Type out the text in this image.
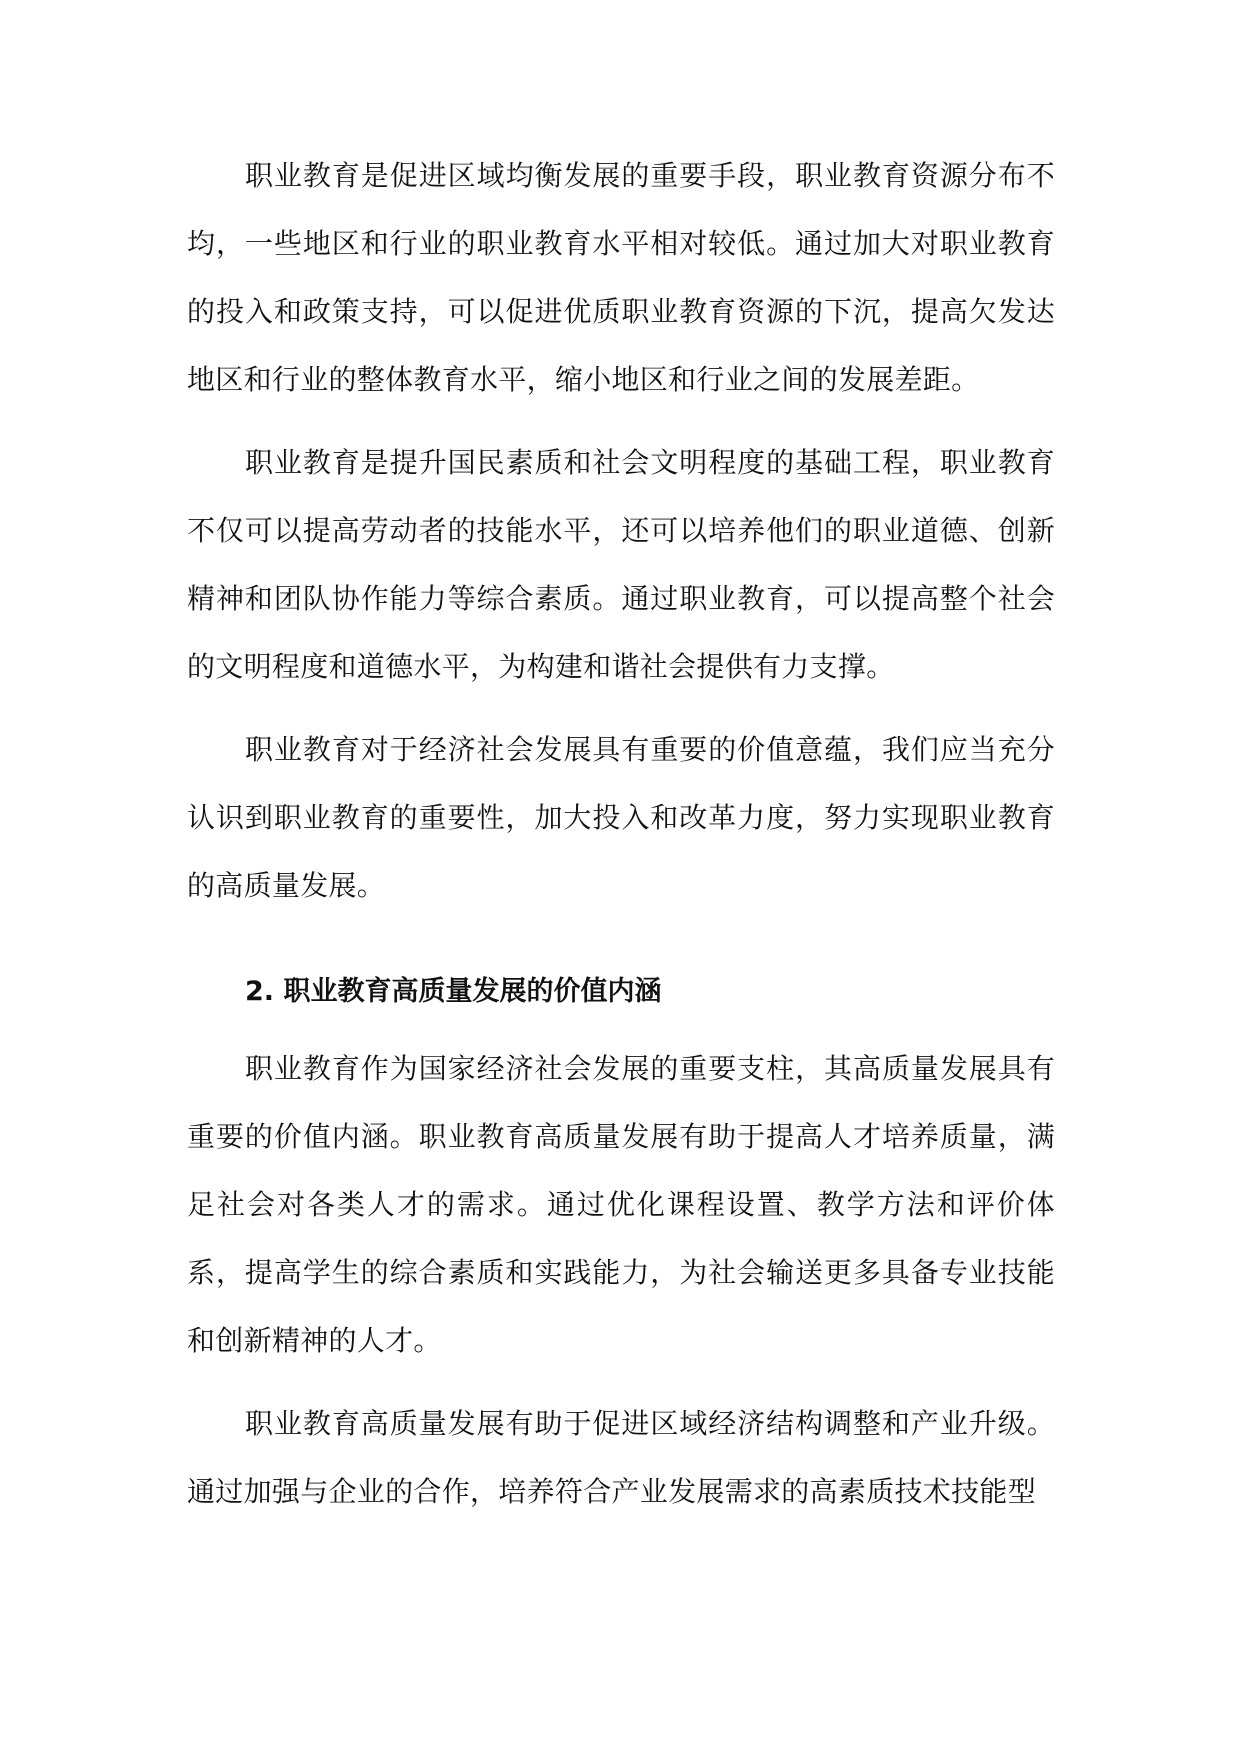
职业教育是促进区域均衡发展的重要手段，职业教育资源分布不均，一些地区和行业的职业教育水平相对较低。通过加大对职业教育的投入和政策支持，可以促进优质职业教育资源的下沉，提高欠发达地区和行业的整体教育水平，缩小地区和行业之间的发展差距。

职业教育是提升国民素质和社会文明程度的基础工程，职业教育不仅可以提高劳动者的技能水平，还可以培养他们的职业道德、创新精神和团队协作能力等综合素质。通过职业教育，可以提高整个社会的文明程度和道德水平，为构建和谐社会提供有力支撑。

职业教育对于经济社会发展具有重要的价值意蕴，我们应当充分认识到职业教育的重要性，加大投入和改革力度，努力实现职业教育的高质量发展。

2. 职业教育高质量发展的价值内涵

职业教育作为国家经济社会发展的重要支柱，其高质量发展具有重要的价值内涵。职业教育高质量发展有助于提高人才培养质量，满足社会对各类人才的需求。通过优化课程设置、教学方法和评价体系，提高学生的综合素质和实践能力，为社会输送更多具备专业技能和创新精神的人才。

职业教育高质量发展有助于促进区域经济结构调整和产业升级。通过加强与企业的合作，培养符合产业发展需求的高素质技术技能型
